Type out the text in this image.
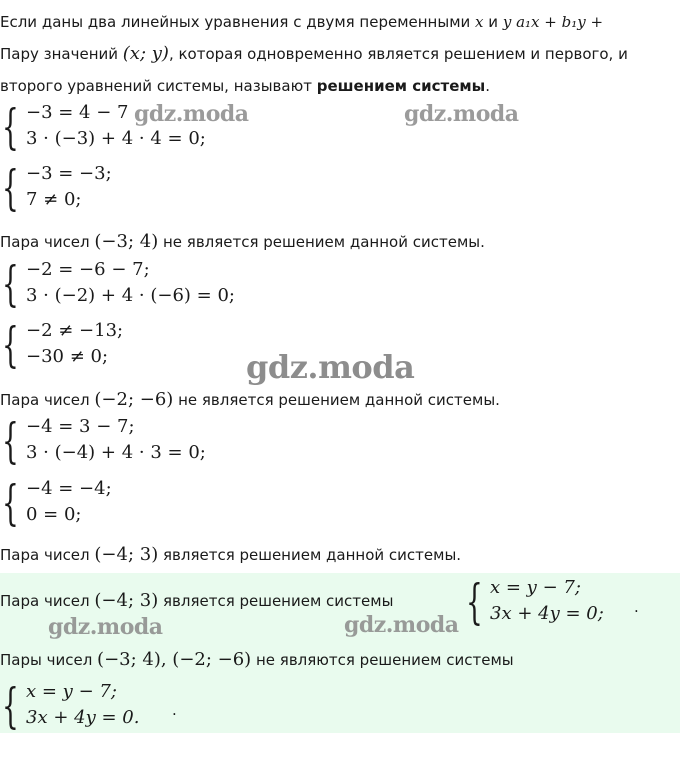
Если даны два линейных уравнения с двумя переменными x и y a₁x + b₁y +
Пару значений (x; y), которая одновременно является решением и первого, и
второго уравнений системы, называют решением системы.
{ −3 = 4 − 7
3 · (−3) + 4 · 4 = 0;
{ −3 = −3;
7 ≠ 0;
Пара чисел (−3; 4) не является решением данной системы.
{ −2 = −6 − 7;
3 · (−2) + 4 · (−6) = 0;
{ −2 ≠ −13;
−30 ≠ 0;
Пара чисел (−2; −6) не является решением данной системы.
{ −4 = 3 − 7;
3 · (−4) + 4 · 3 = 0;
{ −4 = −4;
0 = 0;
Пара чисел (−4; 3) является решением данной системы.
Пара чисел (−4; 3) является решением системы { x = y − 7;
3x + 4y = 0; .
Пары чисел (−3; 4), (−2; −6) не являются решением системы
{ x = y − 7;
3x + 4y = 0. .
gdz.moda	gdz.moda
gdz.moda
gdz.moda	gdz.moda
